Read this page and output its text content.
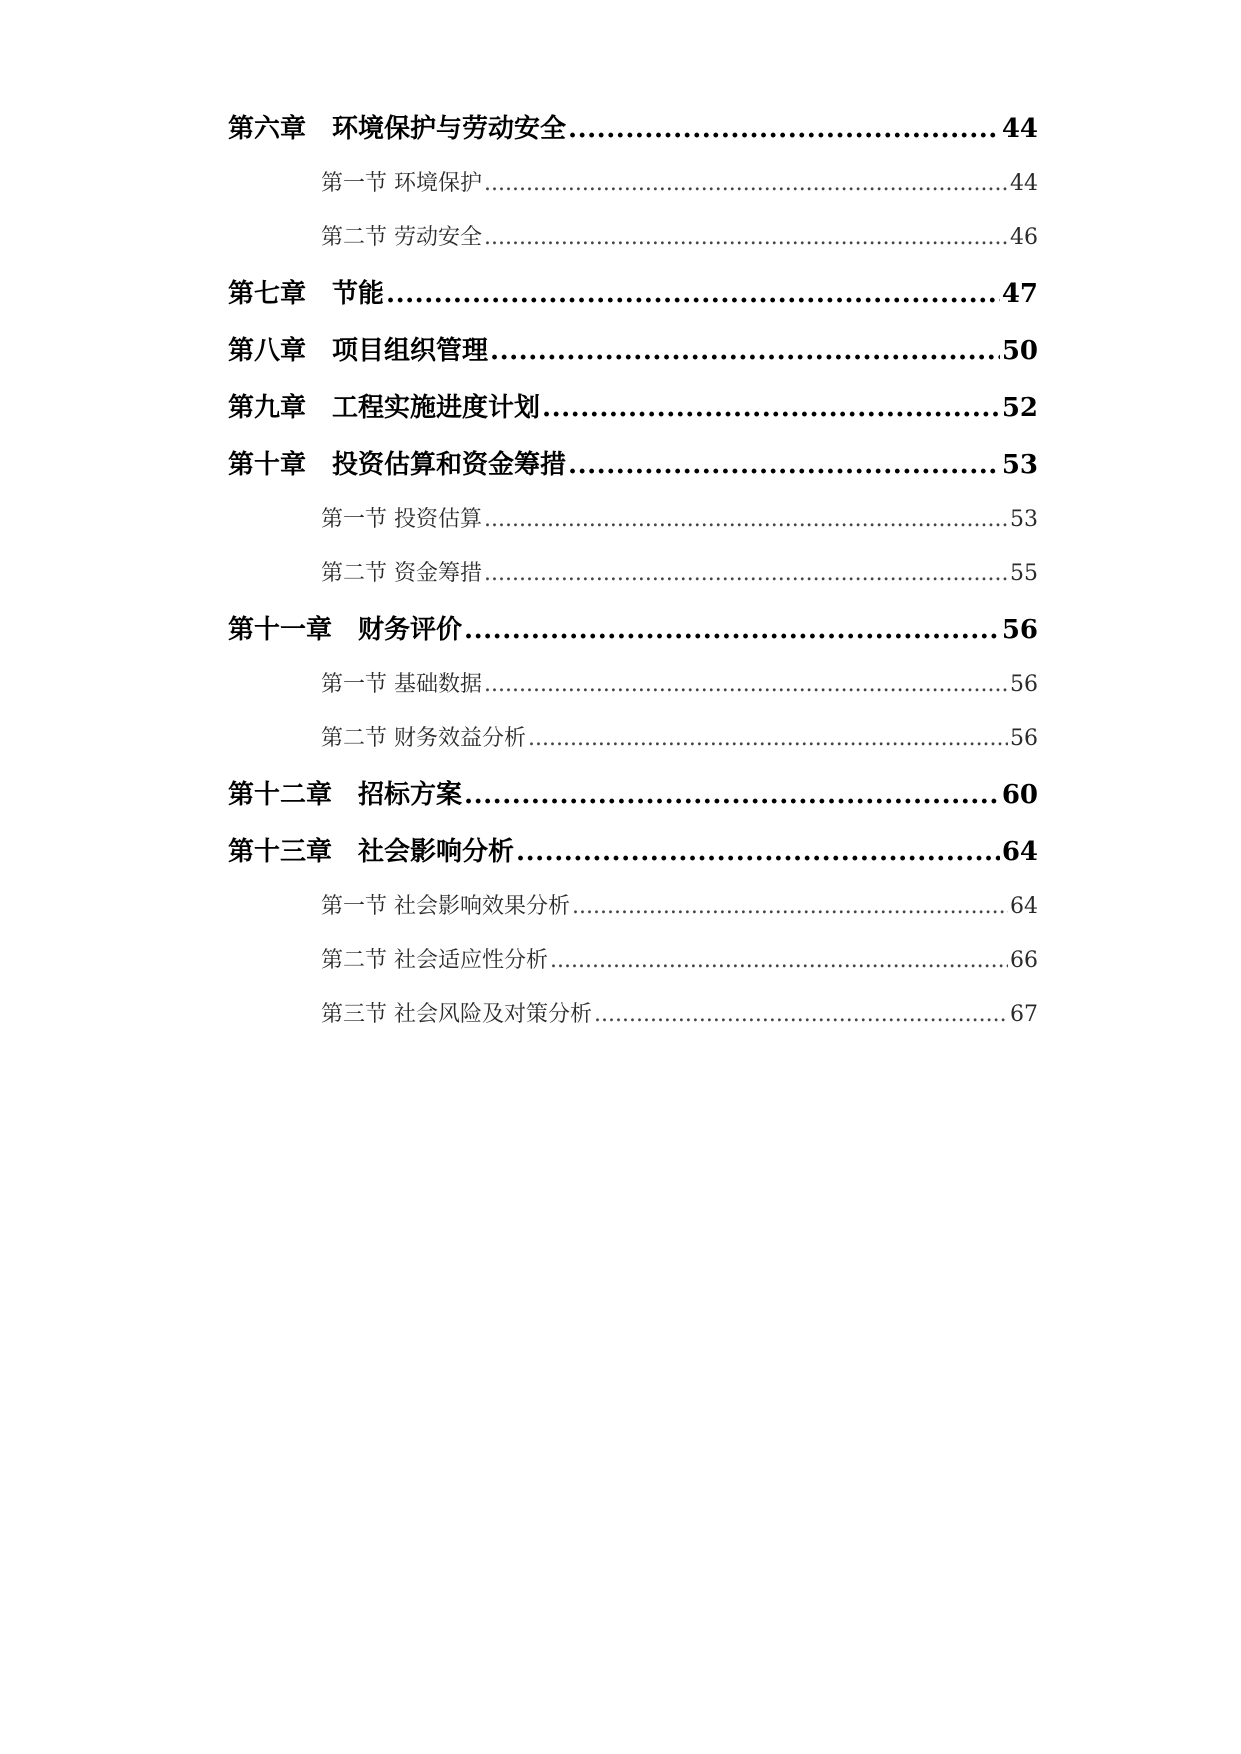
第六章　环境保护与劳动安全 .....	44
第一节 环境保护 .....	44
第二节 劳动安全 .....	46
第七章　节能 .....	47
第八章　项目组织管理 .....	50
第九章　工程实施进度计划 .....	52
第十章　投资估算和资金筹措 .....	53
第一节 投资估算 .....	53
第二节 资金筹措 .....	55
第十一章　财务评价 .....	56
第一节 基础数据 .....	56
第二节 财务效益分析 .....	56
第十二章　招标方案 .....	60
第十三章　社会影响分析 .....	64
第一节 社会影响效果分析 .....	64
第二节 社会适应性分析 .....	66
第三节 社会风险及对策分析 .....	67
